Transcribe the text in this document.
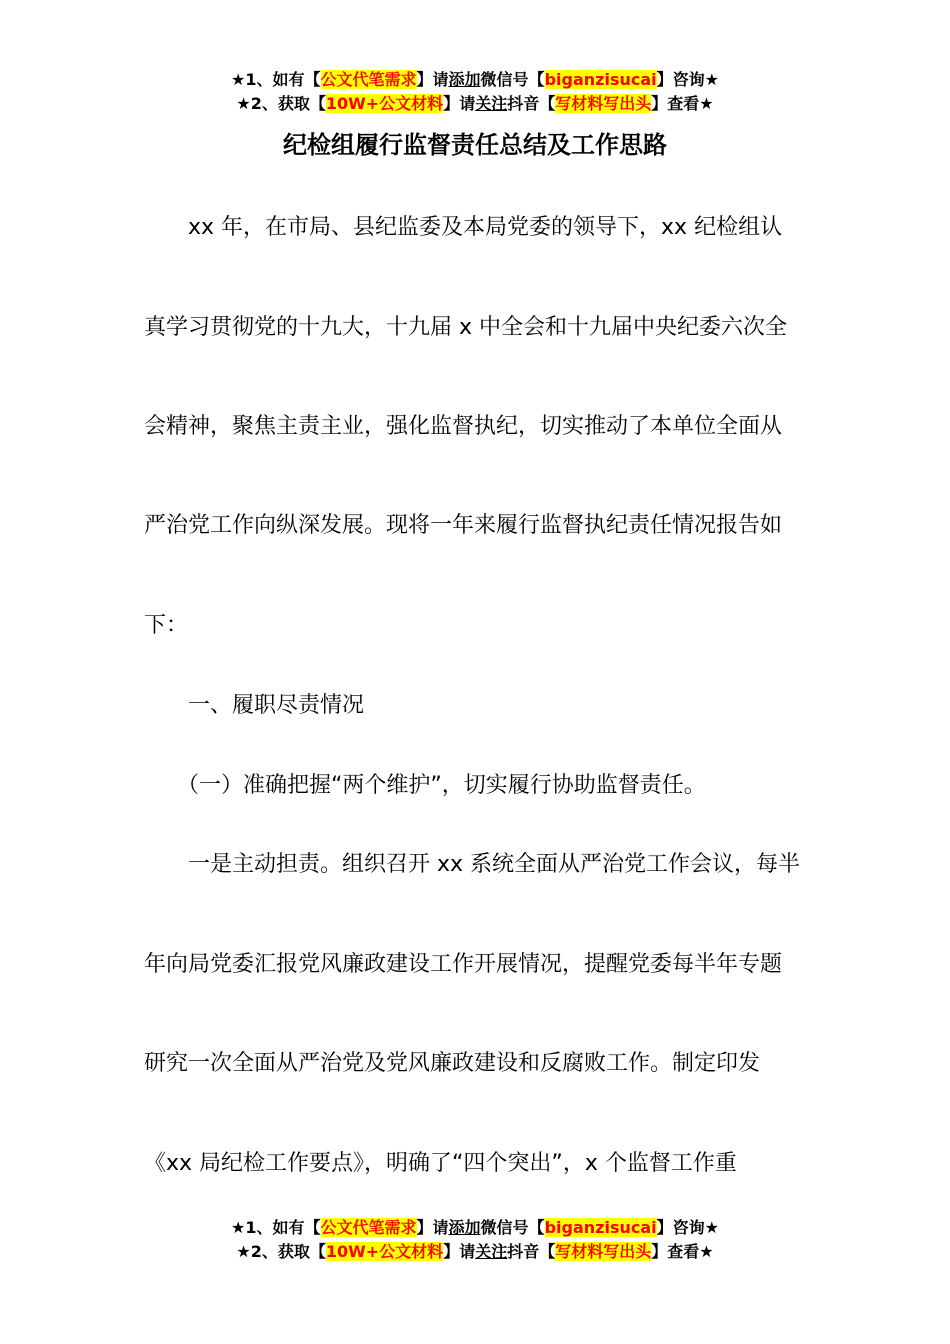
★1、如有【公文代笔需求】请添加微信号【biganzisucai】咨询★
★2、获取【10W+公文材料】请关注抖音【写材料写出头】查看★
纪检组履行监督责任总结及工作思路
　　xx 年，在市局、县纪监委及本局党委的领导下，xx 纪检组认
真学习贯彻党的十九大，十九届 x 中全会和十九届中央纪委六次全
会精神，聚焦主责主业，强化监督执纪，切实推动了本单位全面从
严治党工作向纵深发展。现将一年来履行监督执纪责任情况报告如
下：
　　一、履职尽责情况
　　（一）准确把握“两个维护”，切实履行协助监督责任。
　　一是主动担责。组织召开 xx 系统全面从严治党工作会议，每半
年向局党委汇报党风廉政建设工作开展情况，提醒党委每半年专题
研究一次全面从严治党及党风廉政建设和反腐败工作。制定印发
《xx 局纪检工作要点》，明确了“四个突出”，x 个监督工作重
★1、如有【公文代笔需求】请添加微信号【biganzisucai】咨询★
★2、获取【10W+公文材料】请关注抖音【写材料写出头】查看★
